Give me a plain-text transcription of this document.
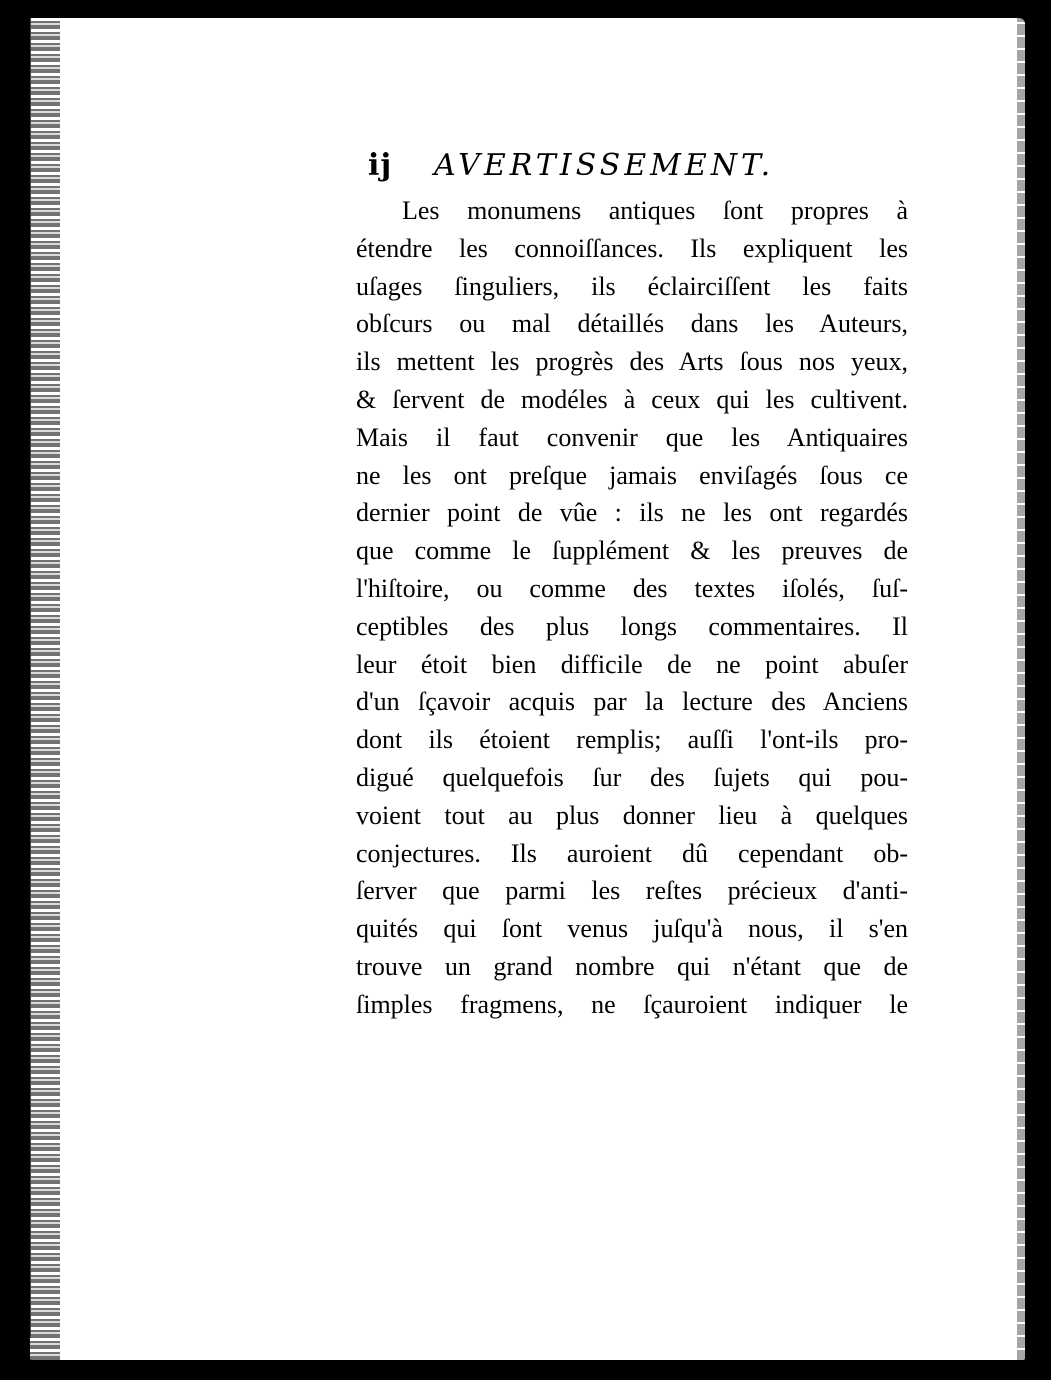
ij AVERTISSEMENT.
Les monumens antiques ſont propres à
étendre les connoiſſances. Ils expliquent les
uſages ſinguliers, ils éclairciſſent les faits
obſcurs ou mal détaillés dans les Auteurs,
ils mettent les progrès des Arts ſous nos yeux,
& ſervent de modéles à ceux qui les cultivent.
Mais il faut convenir que les Antiquaires
ne les ont preſque jamais enviſagés ſous ce
dernier point de vûe : ils ne les ont regardés
que comme le ſupplément & les preuves de
l'hiſtoire, ou comme des textes iſolés, ſuſ-
ceptibles des plus longs commentaires. Il
leur étoit bien difficile de ne point abuſer
d'un ſçavoir acquis par la lecture des Anciens
dont ils étoient remplis; auſſi l'ont-ils pro-
digué quelquefois ſur des ſujets qui pou-
voient tout au plus donner lieu à quelques
conjectures. Ils auroient dû cependant ob-
ſerver que parmi les reſtes précieux d'anti-
quités qui ſont venus juſqu'à nous, il s'en
trouve un grand nombre qui n'étant que de
ſimples fragmens, ne ſçauroient indiquer le
